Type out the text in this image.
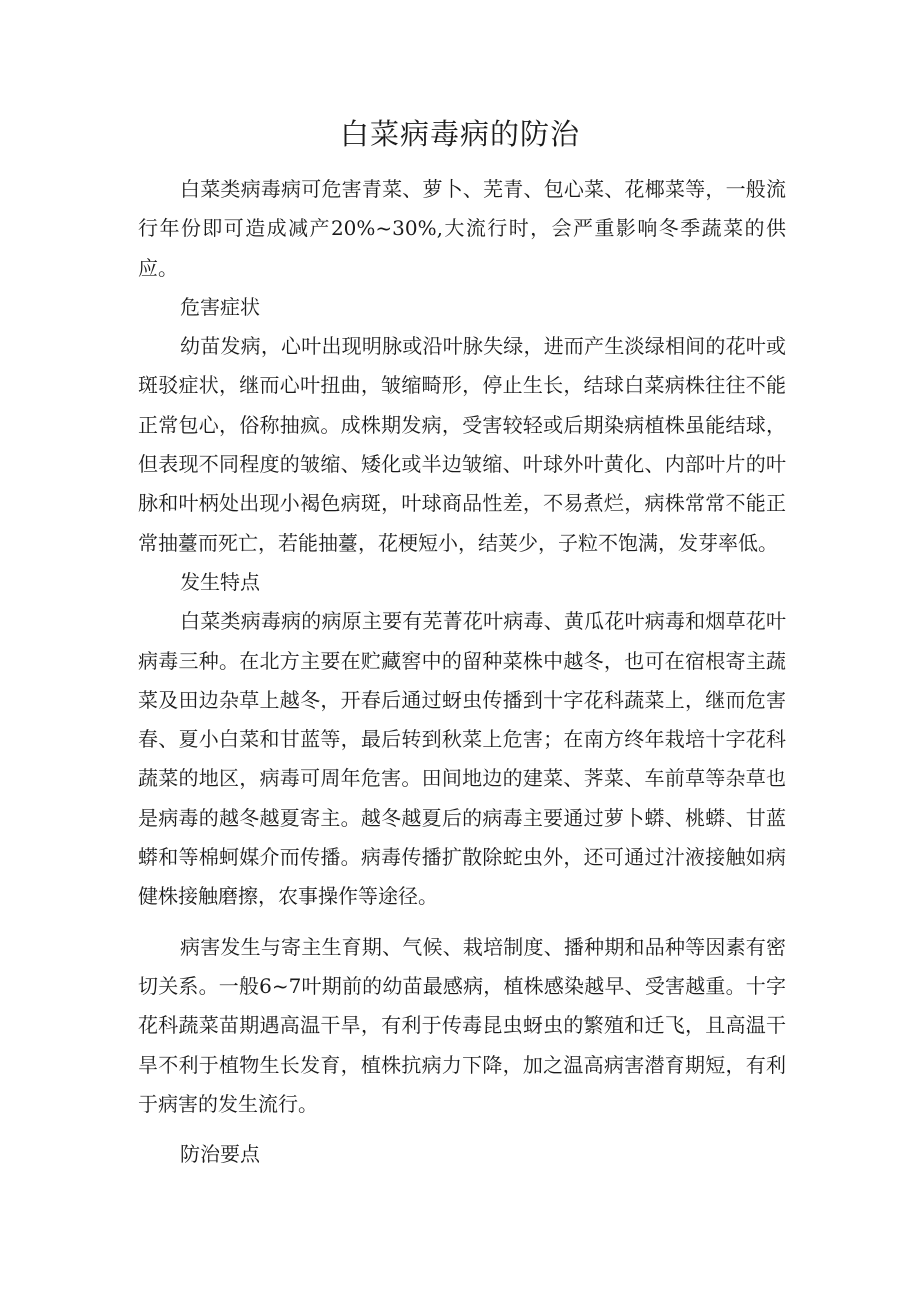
白菜病毒病的防治

白菜类病毒病可危害青菜、萝卜、芜青、包心菜、花椰菜等，一般流行年份即可造成减产20%~30%,大流行时，会严重影响冬季蔬菜的供应。

危害症状

幼苗发病，心叶出现明脉或沿叶脉失绿，进而产生淡绿相间的花叶或斑驳症状，继而心叶扭曲，皱缩畸形，停止生长，结球白菜病株往往不能正常包心，俗称抽疯。成株期发病，受害较轻或后期染病植株虽能结球，但表现不同程度的皱缩、矮化或半边皱缩、叶球外叶黄化、内部叶片的叶脉和叶柄处出现小褐色病斑，叶球商品性差，不易煮烂，病株常常不能正常抽薹而死亡，若能抽薹，花梗短小，结荚少，子粒不饱满，发芽率低。

发生特点

白菜类病毒病的病原主要有芜菁花叶病毒、黄瓜花叶病毒和烟草花叶病毒三种。在北方主要在贮藏窖中的留种菜株中越冬，也可在宿根寄主蔬菜及田边杂草上越冬，开春后通过蚜虫传播到十字花科蔬菜上，继而危害春、夏小白菜和甘蓝等，最后转到秋菜上危害；在南方终年栽培十字花科蔬菜的地区，病毒可周年危害。田间地边的建菜、荠菜、车前草等杂草也是病毒的越冬越夏寄主。越冬越夏后的病毒主要通过萝卜蟒、桃蟒、甘蓝蟒和等棉蚵媒介而传播。病毒传播扩散除蛇虫外，还可通过汁液接触如病健株接触磨擦，农事操作等途径。

病害发生与寄主生育期、气候、栽培制度、播种期和品种等因素有密切关系。一般6~7叶期前的幼苗最感病，植株感染越早、受害越重。十字花科蔬菜苗期遇高温干旱，有利于传毒昆虫蚜虫的繁殖和迁飞，且高温干旱不利于植物生长发育，植株抗病力下降，加之温高病害潜育期短，有利于病害的发生流行。

防治要点
